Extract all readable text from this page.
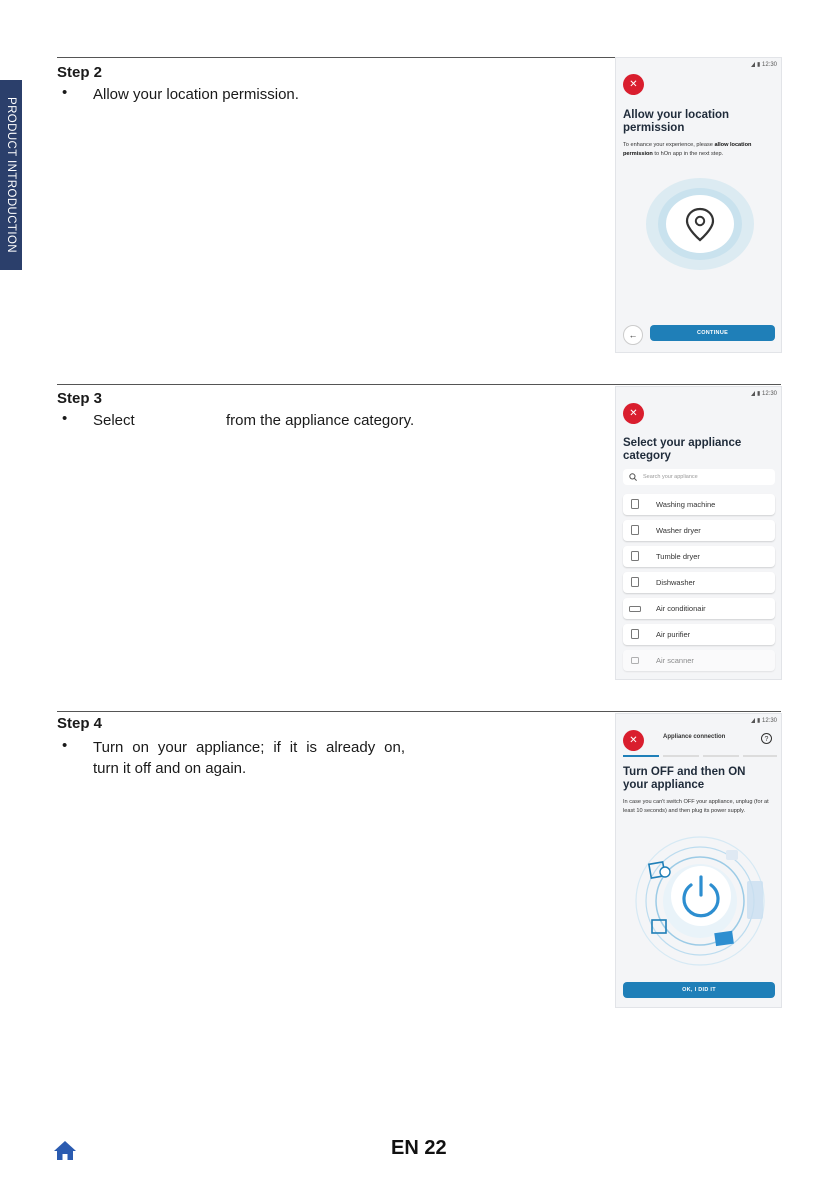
PRODUCT INTRODUCTION
Step 2
• Allow your location permission.
▮ 12:30
✕
Allow your location
permission
To enhance your experience, please allow location permission to hOn app in the next step.
←	CONTINUE
Step 3
• Select	from the appliance category.
▮ 12:30
✕
Select your appliance
category
Search your appliance
Washing machine
Washer dryer
Tumble dryer
Dishwasher
Air conditionair
Air purifier
Air scanner
Step 4
• Turn on your appliance; if it is already on,
turn it off and on again.
▮ 12:30
✕	Appliance connection	?
Turn OFF and then ON
your appliance
In case you can't switch OFF your appliance, unplug (for at least 10 seconds) and then plug its power supply.
OK, I DID IT
EN 22
